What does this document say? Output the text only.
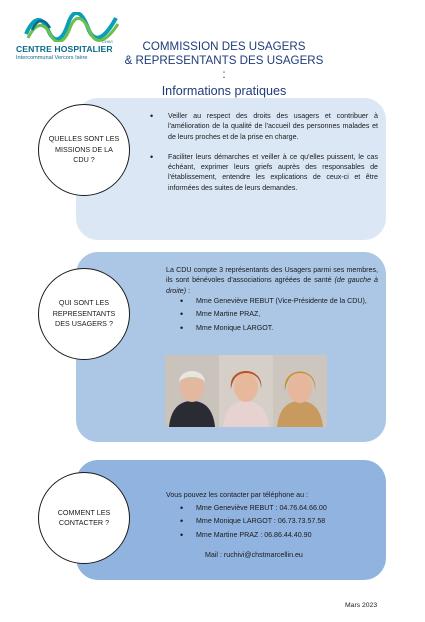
CHIVI
CENTRE HOSPITALIER
Intercommunal Vercors Isère
COMMISSION DES USAGERS
& REPRESENTANTS DES USAGERS :
Informations pratiques
QUELLES SONT LES MISSIONS DE LA CDU ?
• Veiller au respect des droits des usagers et contribuer à l'amélioration de la qualité de l'accueil des personnes malades et de leurs proches et de la prise en charge.
• Faciliter leurs démarches et veiller à ce qu'elles puissent, le cas échéant, exprimer leurs griefs auprès des responsables de l'établissement, entendre les explications de ceux-ci et être informées des suites de leurs demandes.
QUI SONT LES REPRESENTANTS DES USAGERS ?

La CDU compte 3 représentants des Usagers parmi ses membres, ils sont bénévoles d'associations agréées de santé (de gauche à droite) :

• Mme Geneviève REBUT (Vice-Présidente de la CDU),
• Mme Martine PRAZ,
• Mme Monique LARGOT.
COMMENT LES CONTACTER ?

Vous pouvez les contacter par téléphone au :

• Mme Geneviève REBUT : 04.76.64.66.00
• Mme Monique LARGOT : 06.73.73.57.58
• Mme Martine PRAZ : 06.86.44.40.90

Mail : ruchivi@chstmarcellin.eu

Mars 2023
